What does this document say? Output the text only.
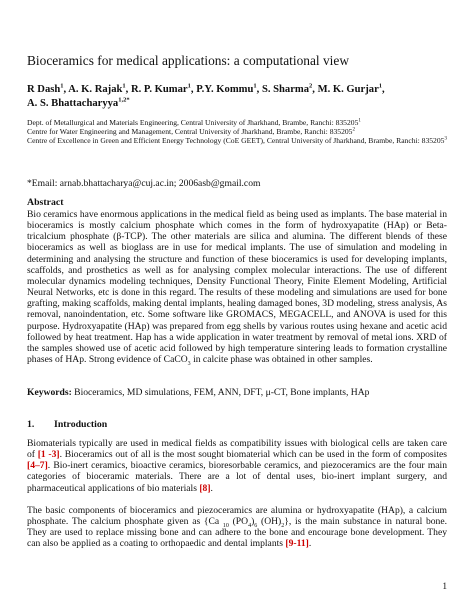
Bioceramics for medical applications: a computational view
R Dash$^1$, A. K. Rajak$^1$, R. P. Kumar$^1$, P.Y. Kommu$^1$, S. Sharma$^2$, M. K. Gurjar$^1$,
A. S. Bhattacharyya$^{1,2*}$
Dept. of Metallurgical and Materials Engineering, Central University of Jharkhand, Brambe, Ranchi: 835205$^1$
Centre for Water Engineering and Management, Central University of Jharkhand, Brambe, Ranchi: 835205$^2$
Centre of Excellence in Green and Efficient Energy Technology (CoE GEET), Central University of Jharkhand, Brambe, Ranchi: 835205$^3$
*Email: arnab.bhattacharya@cuj.ac.in; 2006asb@gmail.com
Abstract

Bio ceramics have enormous applications in the medical field as being used as implants. The base material in bioceramics is mostly calcium phosphate which comes in the form of hydroxyapatite (HAp) or Beta-tricalcium phosphate (β-TCP). The other materials are silica and alumina. The different blends of these bioceramics as well as bioglass are in use for medical implants. The use of simulation and modeling in determining and analysing the structure and function of these bioceramics is used for developing implants, scaffolds, and prosthetics as well as for analysing complex molecular interactions. The use of different molecular dynamics modeling techniques, Density Functional Theory, Finite Element Modeling, Artificial Neural Networks, etc is done in this regard. The results of these modeling and simulations are used for bone grafting, making scaffolds, making dental implants, healing damaged bones, 3D modeling, stress analysis, As removal, nanoindentation, etc. Some software like GROMACS, MEGACELL, and ANOVA is used for this purpose. Hydroxyapatite (HAp) was prepared from egg shells by various routes using hexane and acetic acid followed by heat treatment. Hap has a wide application in water treatment by removal of metal ions. XRD of the samples showed use of acetic acid followed by high temperature sintering leads to formation crystalline phases of HAp. Strong evidence of CaCO$_3$ in calcite phase was obtained in other samples.

Keywords: Bioceramics, MD simulations, FEM, ANN, DFT, μ-CT, Bone implants, HAp
1. Introduction

Biomaterials typically are used in medical fields as compatibility issues with biological cells are taken care of [1 -3]. Bioceramics out of all is the most sought biomaterial which can be used in the form of composites [4–7]. Bio-inert ceramics, bioactive ceramics, bioresorbable ceramics, and piezoceramics are the four main categories of bioceramic materials. There are a lot of dental uses, bio-inert implant surgery, and pharmaceutical applications of bio materials [8].

The basic components of bioceramics and piezoceramics are alumina or hydroxyapatite (HAp), a calcium phosphate. The calcium phosphate given as {Ca $_{10}$ $(PO_4)_6$ $(OH)_2$}, is the main substance in natural bone. They are used to replace missing bone and can adhere to the bone and encourage bone development. They can also be applied as a coating to orthopaedic and dental implants [9-11].

1
